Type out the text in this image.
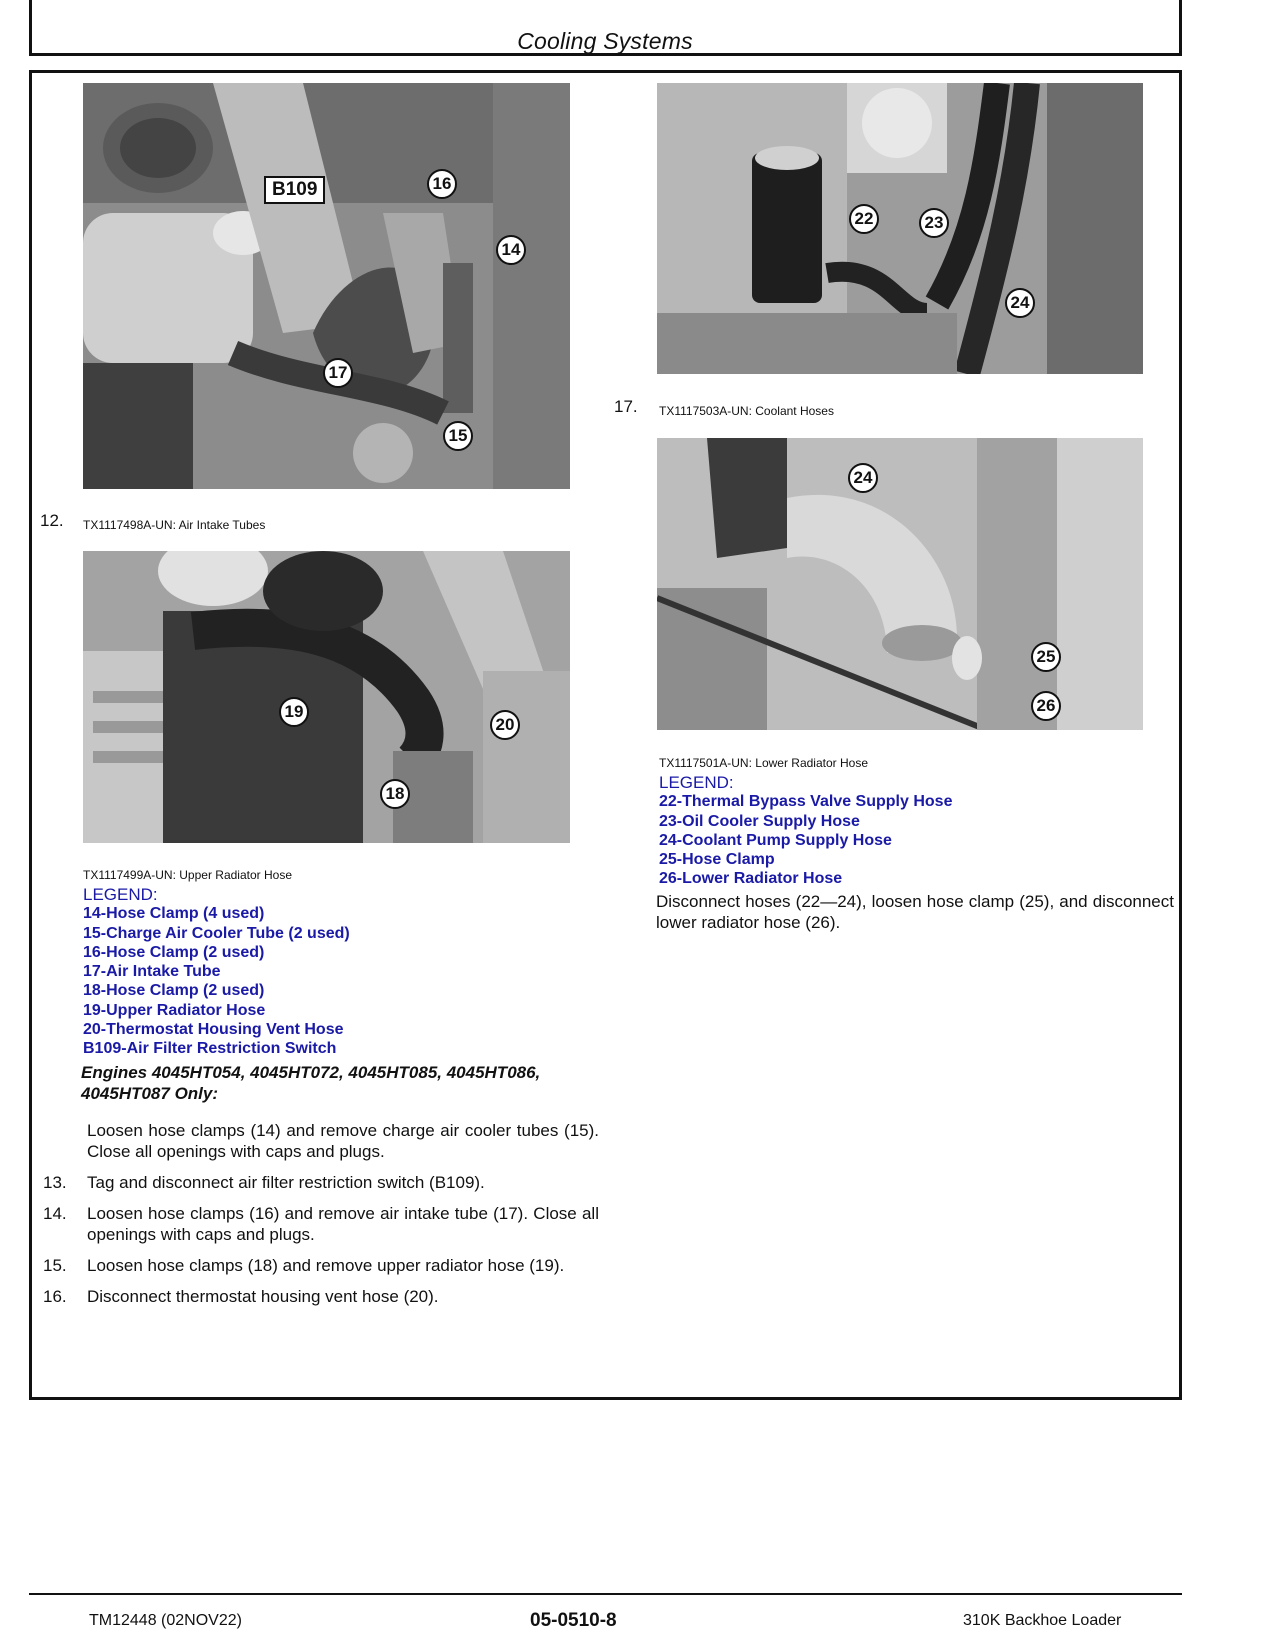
Cooling Systems
B109	16
14
17
15
12. TX1117498A-UN: Air Intake Tubes
19
20
18
TX1117499A-UN: Upper Radiator Hose
LEGEND:
14-Hose Clamp (4 used)
15-Charge Air Cooler Tube (2 used)
16-Hose Clamp (2 used)
17-Air Intake Tube
18-Hose Clamp (2 used)
19-Upper Radiator Hose
20-Thermostat Housing Vent Hose
B109-Air Filter Restriction Switch
Engines 4045HT054, 4045HT072, 4045HT085, 4045HT086, 4045HT087 Only:
Loosen hose clamps (14) and remove charge air cooler tubes (15). Close all openings with caps and plugs.
13.	Tag and disconnect air filter restriction switch (B109).
14.	Loosen hose clamps (16) and remove air intake tube (17). Close all openings with caps and plugs.
15.	Loosen hose clamps (18) and remove upper radiator hose (19).
16.	Disconnect thermostat housing vent hose (20).
22	23
24
17. TX1117503A-UN: Coolant Hoses
24
25
26
TX1117501A-UN: Lower Radiator Hose
LEGEND:
22-Thermal Bypass Valve Supply Hose
23-Oil Cooler Supply Hose
24-Coolant Pump Supply Hose
25-Hose Clamp
26-Lower Radiator Hose
Disconnect hoses (22—24), loosen hose clamp (25), and disconnect lower radiator hose (26).
TM12448 (02NOV22)	05-0510-8	310K Backhoe Loader
